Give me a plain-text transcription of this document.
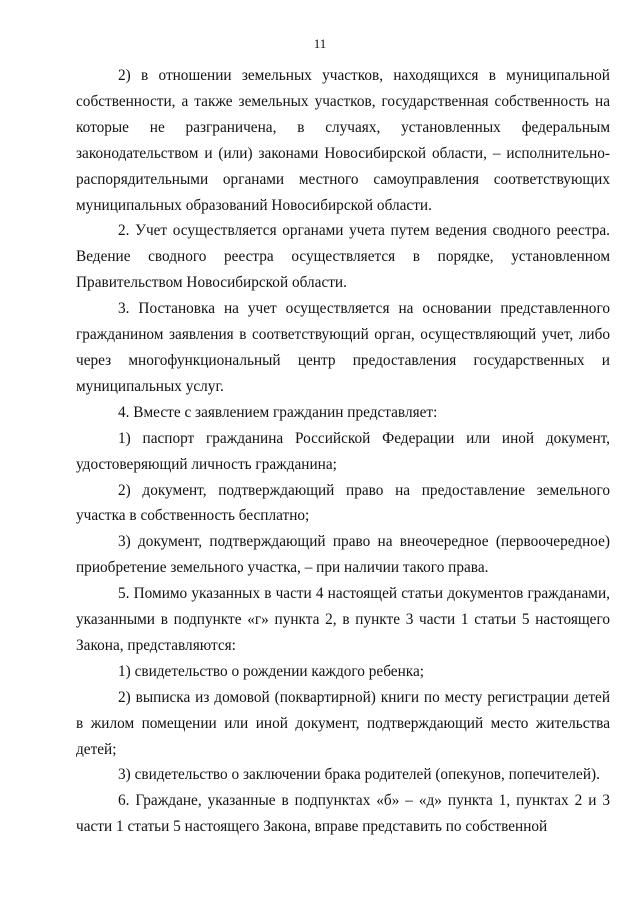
11

2) в отношении земельных участков, находящихся в муниципальной собственности, а также земельных участков, государственная собственность на которые не разграничена, в случаях, установленных федеральным законодательством и (или) законами Новосибирской области, – исполнительно-распорядительными органами местного самоуправления соответствующих муниципальных образований Новосибирской области.

2. Учет осуществляется органами учета путем ведения сводного реестра. Ведение сводного реестра осуществляется в порядке, установленном Правительством Новосибирской области.

3. Постановка на учет осуществляется на основании представленного гражданином заявления в соответствующий орган, осуществляющий учет, либо через многофункциональный центр предоставления государственных и муниципальных услуг.

4. Вместе с заявлением гражданин представляет:

1) паспорт гражданина Российской Федерации или иной документ, удостоверяющий личность гражданина;

2) документ, подтверждающий право на предоставление земельного участка в собственность бесплатно;

3) документ, подтверждающий право на внеочередное (первоочередное) приобретение земельного участка, – при наличии такого права.

5. Помимо указанных в части 4 настоящей статьи документов гражданами, указанными в подпункте «г» пункта 2, в пункте 3 части 1 статьи 5 настоящего Закона, представляются:

1) свидетельство о рождении каждого ребенка;

2) выписка из домовой (поквартирной) книги по месту регистрации детей в жилом помещении или иной документ, подтверждающий место жительства детей;

3) свидетельство о заключении брака родителей (опекунов, попечителей).

6. Граждане, указанные в подпунктах «б» – «д» пункта 1, пунктах 2 и 3 части 1 статьи 5 настоящего Закона, вправе представить по собственной
